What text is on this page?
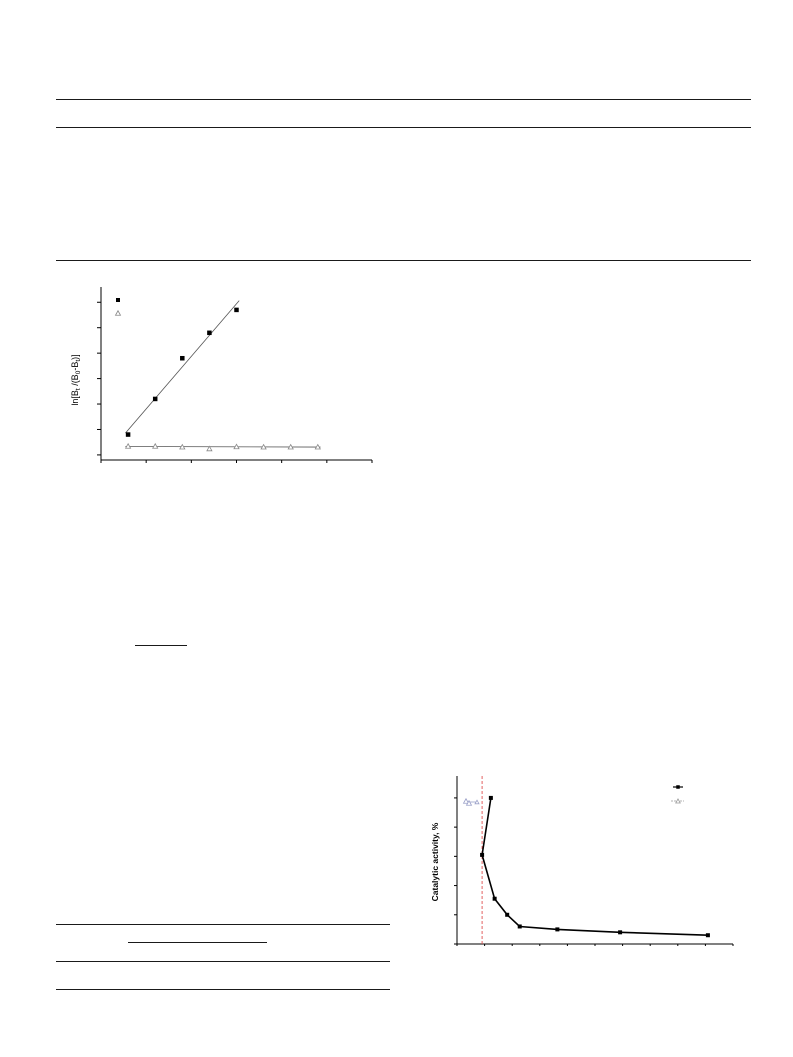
$\ln[B_t$ $/(B_0-B_t)$]
Catalytic activity, %
